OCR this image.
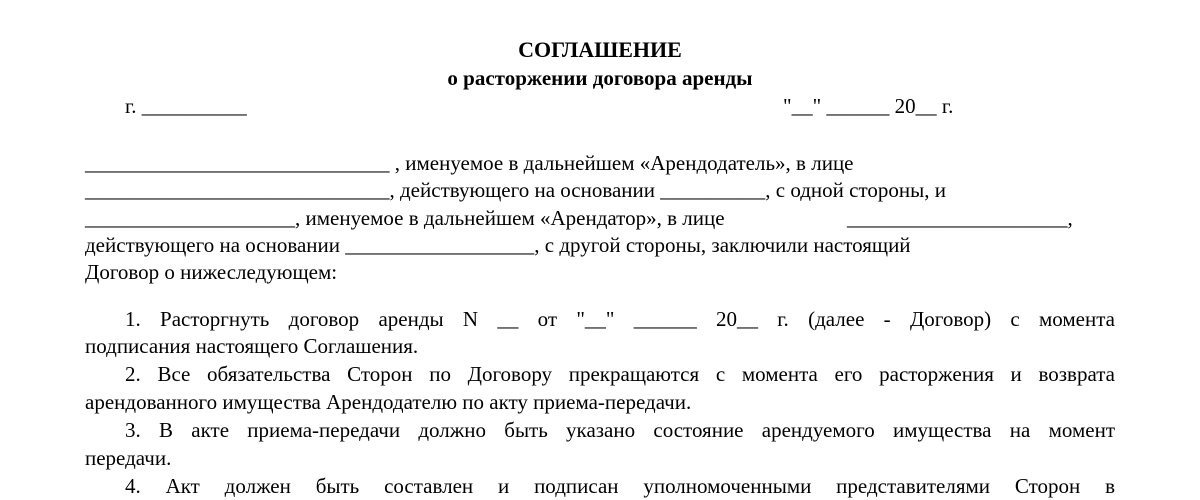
СОГЛАШЕНИЕ
о расторжении договора аренды
г. __________	"__" ______ 20__ г.
_____________________________ , именуемое в дальнейшем «Арендодатель», в лице
_____________________________, действующего на основании __________, с одной стороны, и
____________________, именуемое в дальнейшем «Арендатор», в лице	_____________________,
действующего на основании __________________, с другой стороны, заключили настоящий
Договор о нижеследующем:
1. Расторгнуть договор аренды N __ от "__" ______ 20__ г. (далее - Договор) с момента
подписания настоящего Соглашения.
2. Все обязательства Сторон по Договору прекращаются с момента его расторжения и возврата
арендованного имущества Арендодателю по акту приема-передачи.
3. В акте приема-передачи должно быть указано состояние арендуемого имущества на момент
передачи.
4. Акт должен быть составлен и подписан уполномоченными представителями Сторон в
